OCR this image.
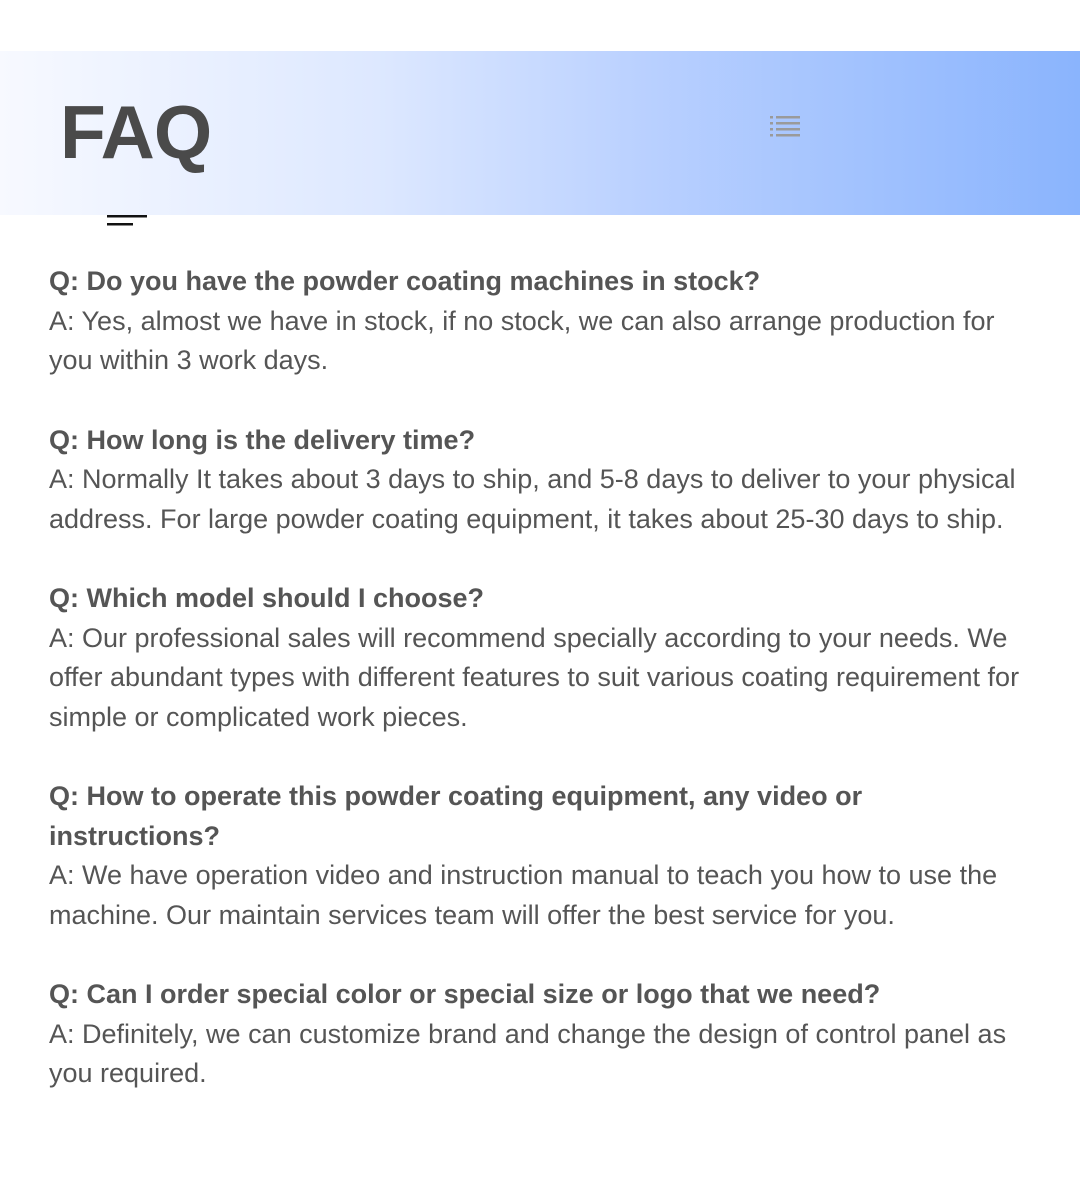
FAQ

Q: Do you have the powder coating machines in stock?

A: Yes, almost we have in stock, if no stock, we can also arrange production for you within 3 work days.

Q: How long is the delivery time?

A: Normally It takes about 3 days to ship, and 5-8 days to deliver to your physical address. For large powder coating equipment, it takes about 25-30 days to ship.

Q: Which model should I choose?

A: Our professional sales will recommend specially according to your needs. We offer abundant types with different features to suit various coating requirement for simple or complicated work pieces.

Q: How to operate this powder coating equipment, any video or instructions?

A: We have operation video and instruction manual to teach you how to use the machine. Our maintain services team will offer the best service for you.

Q: Can I order special color or special size or logo that we need?

A: Definitely, we can customize brand and change the design of control panel as you required.
